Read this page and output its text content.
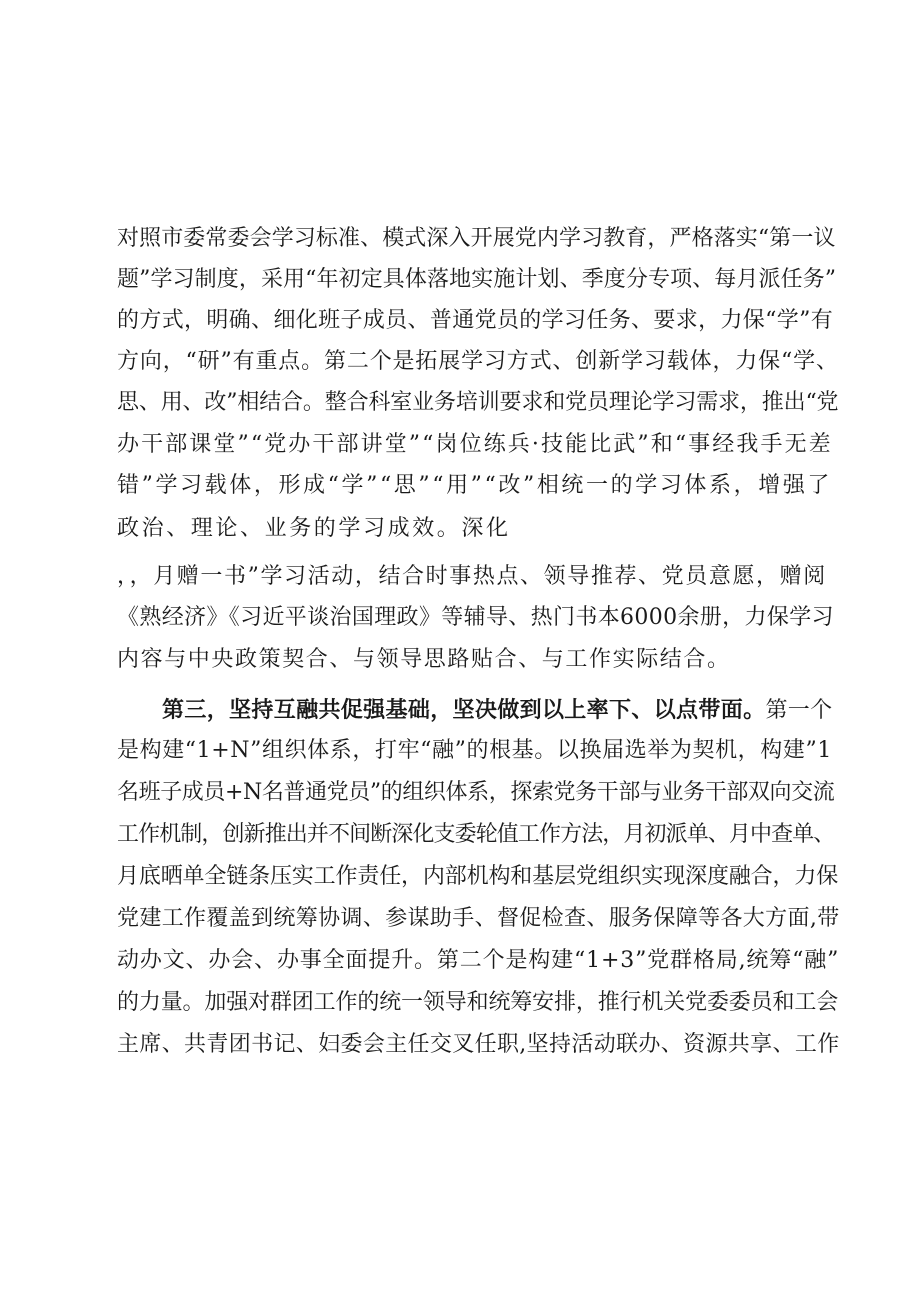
对照市委常委会学习标准、模式深入开展党内学习教育，严格落实“第一议
题”学习制度，采用“年初定具体落地实施计划、季度分专项、每月派任务”
的方式，明确、细化班子成员、普通党员的学习任务、要求，力保“学”有
方向，“研”有重点。第二个是拓展学习方式、创新学习载体，力保“学、
思、用、改”相结合。整合科室业务培训要求和党员理论学习需求，推出“党
办干部课堂”“党办干部讲堂”“岗位练兵·技能比武”和“事经我手无差
错”学习载体，形成“学”“思”“用”“改”相统一的学习体系，增强了
政治、理论、业务的学习成效。深化
，，月赠一书”学习活动，结合时事热点、领导推荐、党员意愿，赠阅
《熟经济》《习近平谈治国理政》等辅导、热门书本6000余册，力保学习
内容与中央政策契合、与领导思路贴合、与工作实际结合。
第三，坚持互融共促强基础，坚决做到以上率下、以点带面。第一个
是构建“1+N”组织体系，打牢“融”的根基。以换届选举为契机，构建”1
名班子成员+N名普通党员”的组织体系，探索党务干部与业务干部双向交流
工作机制，创新推出并不间断深化支委轮值工作方法，月初派单、月中查单、
月底晒单全链条压实工作责任，内部机构和基层党组织实现深度融合，力保
党建工作覆盖到统筹协调、参谋助手、督促检查、服务保障等各大方面,带
动办文、办会、办事全面提升。第二个是构建“1+3”党群格局,统筹“融”
的力量。加强对群团工作的统一领导和统筹安排，推行机关党委委员和工会
主席、共青团书记、妇委会主任交叉任职,坚持活动联办、资源共享、工作
